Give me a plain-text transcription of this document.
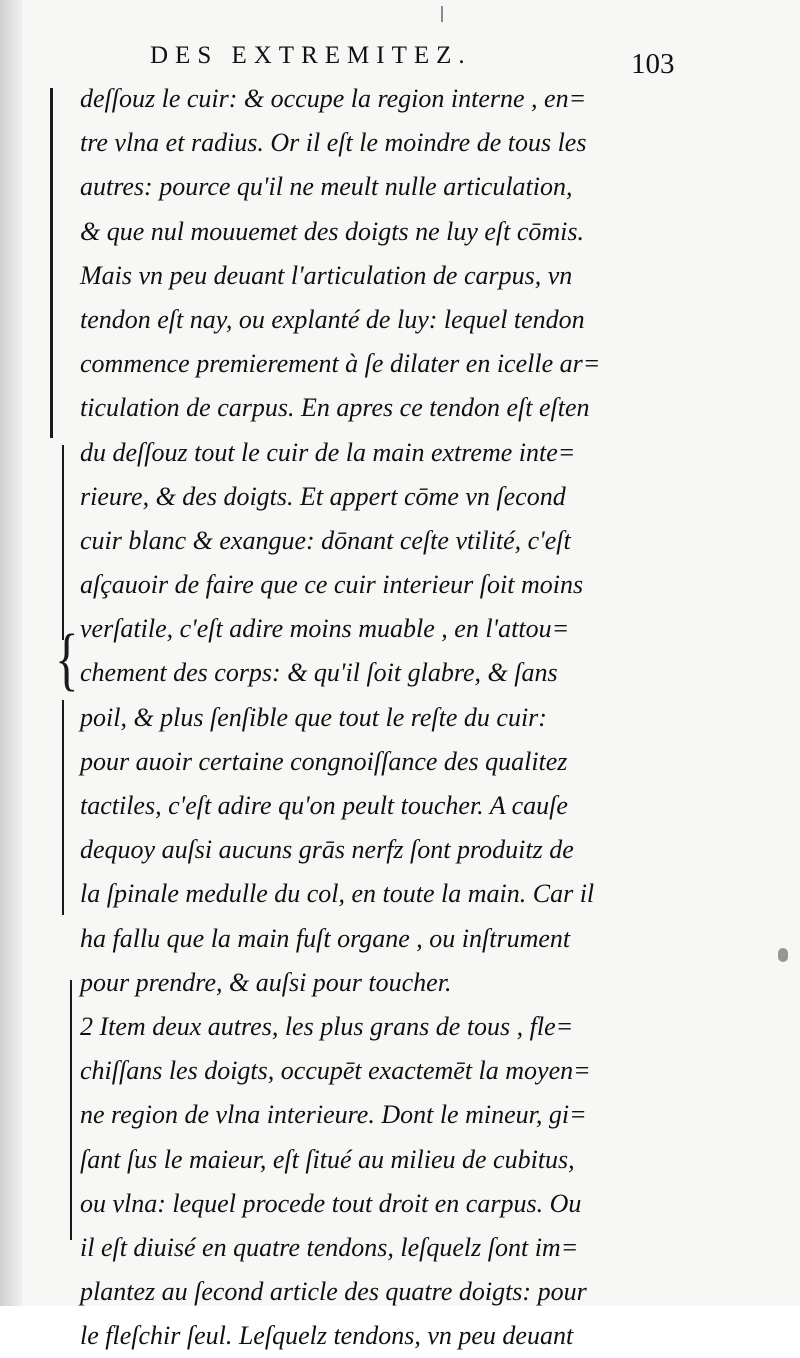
DES EXTREMITEZ.	103
{
deſſouz le cuir: & occupe la region interne , en=
tre vlna et radius. Or il eſt le moindre de tous les
autres: pource qu'il ne meult nulle articulation,
& que nul mouuemet des doigts ne luy eſt cōmis.
Mais vn peu deuant l'articulation de carpus, vn
tendon eſt nay, ou explanté de luy: lequel tendon
commence premierement à ſe dilater en icelle ar=
ticulation de carpus. En apres ce tendon eſt eſten
du deſſouz tout le cuir de la main extreme inte=
rieure, & des doigts. Et appert cōme vn ſecond
cuir blanc & exangue: dōnant ceſte vtilité, c'eſt
aſçauoir de faire que ce cuir interieur ſoit moins
verſatile, c'eſt adire moins muable , en l'attou=
chement des corps: & qu'il ſoit glabre, & ſans
poil, & plus ſenſible que tout le reſte du cuir:
pour auoir certaine congnoiſſance des qualitez
tactiles, c'eſt adire qu'on peult toucher. A cauſe
dequoy auſsi aucuns grās nerfz ſont produitz de
la ſpinale medulle du col, en toute la main. Car il
ha fallu que la main fuſt organe , ou inſtrument
pour prendre, & auſsi pour toucher.
2 Item deux autres, les plus grans de tous , fle=
chiſſans les doigts, occupēt exactemēt la moyen=
ne region de vlna interieure. Dont le mineur, gi=
ſant ſus le maieur, eſt ſitué au milieu de cubitus,
ou vlna: lequel procede tout droit en carpus. Ou
il eſt diuisé en quatre tendons, leſquelz ſont im=
plantez au ſecond article des quatre doigts: pour
le fleſchir ſeul. Leſquelz tendons, vn peu deuant
